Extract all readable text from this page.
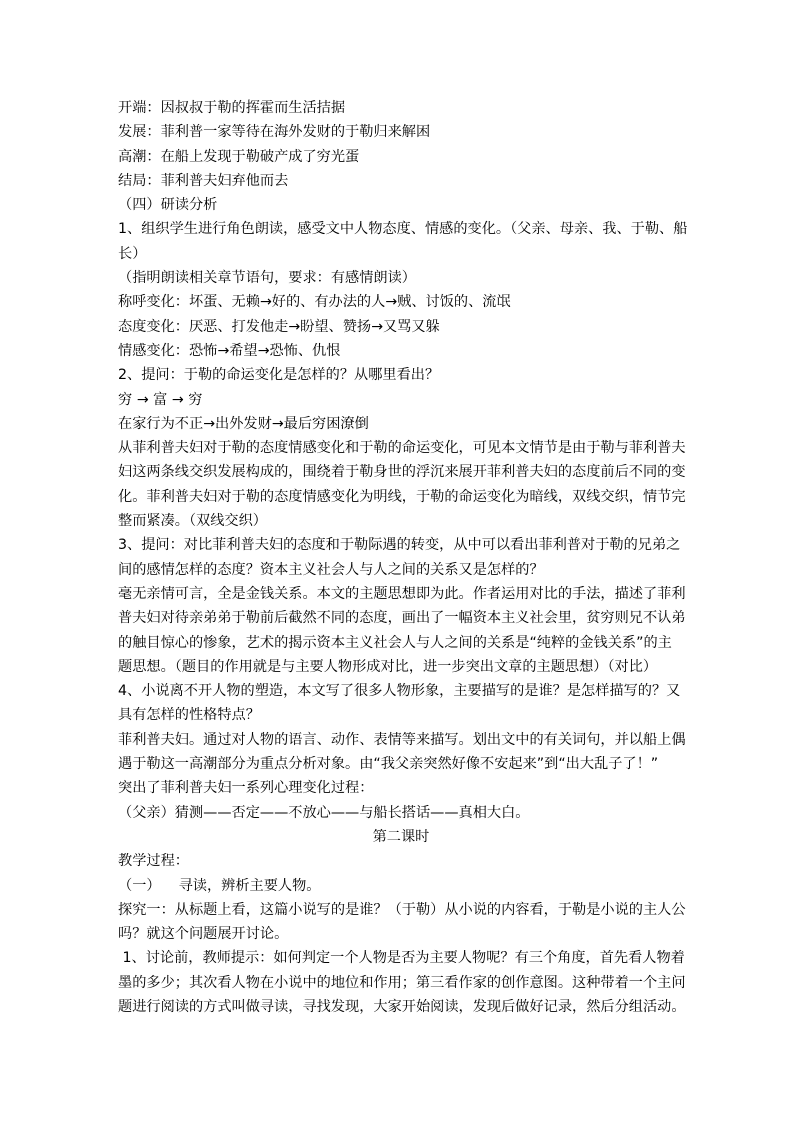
开端：因叔叔于勒的挥霍而生活拮据
发展：菲利普一家等待在海外发财的于勒归来解困
高潮：在船上发现于勒破产成了穷光蛋
结局：菲利普夫妇弃他而去
（四）研读分析
1、组织学生进行角色朗读，感受文中人物态度、情感的变化。（父亲、母亲、我、于勒、船
长）
（指明朗读相关章节语句，要求：有感情朗读）
称呼变化：坏蛋、无赖→好的、有办法的人→贼、讨饭的、流氓
态度变化：厌恶、打发他走→盼望、赞扬→又骂又躲
情感变化：恐怖→希望→恐怖、仇恨
2、提问：于勒的命运变化是怎样的？从哪里看出？
穷 → 富 → 穷
在家行为不正→出外发财→最后穷困潦倒
从菲利普夫妇对于勒的态度情感变化和于勒的命运变化，可见本文情节是由于勒与菲利普夫
妇这两条线交织发展构成的，围绕着于勒身世的浮沉来展开菲利普夫妇的态度前后不同的变
化。菲利普夫妇对于勒的态度情感变化为明线，于勒的命运变化为暗线，双线交织，情节完
整而紧凑。（双线交织）
3、提问：对比菲利普夫妇的态度和于勒际遇的转变，从中可以看出菲利普对于勒的兄弟之
间的感情怎样的态度？资本主义社会人与人之间的关系又是怎样的？
毫无亲情可言，全是金钱关系。本文的主题思想即为此。作者运用对比的手法，描述了菲利
普夫妇对待亲弟弟于勒前后截然不同的态度，画出了一幅资本主义社会里，贫穷则兄不认弟
的触目惊心的惨象，艺术的揭示资本主义社会人与人之间的关系是“纯粹的金钱关系”的主
题思想。（题目的作用就是与主要人物形成对比，进一步突出文章的主题思想）（对比）
4、小说离不开人物的塑造，本文写了很多人物形象，主要描写的是谁？是怎样描写的？又
具有怎样的性格特点？
菲利普夫妇。通过对人物的语言、动作、表情等来描写。划出文中的有关词句，并以船上偶
遇于勒这一高潮部分为重点分析对象。由“我父亲突然好像不安起来”到“出大乱子了！”
突出了菲利普夫妇一系列心理变化过程：
（父亲）猜测——否定——不放心——与船长搭话——真相大白。
第二课时
教学过程：
（一）    寻读，辨析主要人物。
探究一：从标题上看，这篇小说写的是谁？（于勒）从小说的内容看，于勒是小说的主人公
吗？就这个问题展开讨论。
1、讨论前，教师提示：如何判定一个人物是否为主要人物呢？有三个角度，首先看人物着
墨的多少；其次看人物在小说中的地位和作用；第三看作家的创作意图。这种带着一个主问
题进行阅读的方式叫做寻读，寻找发现，大家开始阅读，发现后做好记录，然后分组活动。
